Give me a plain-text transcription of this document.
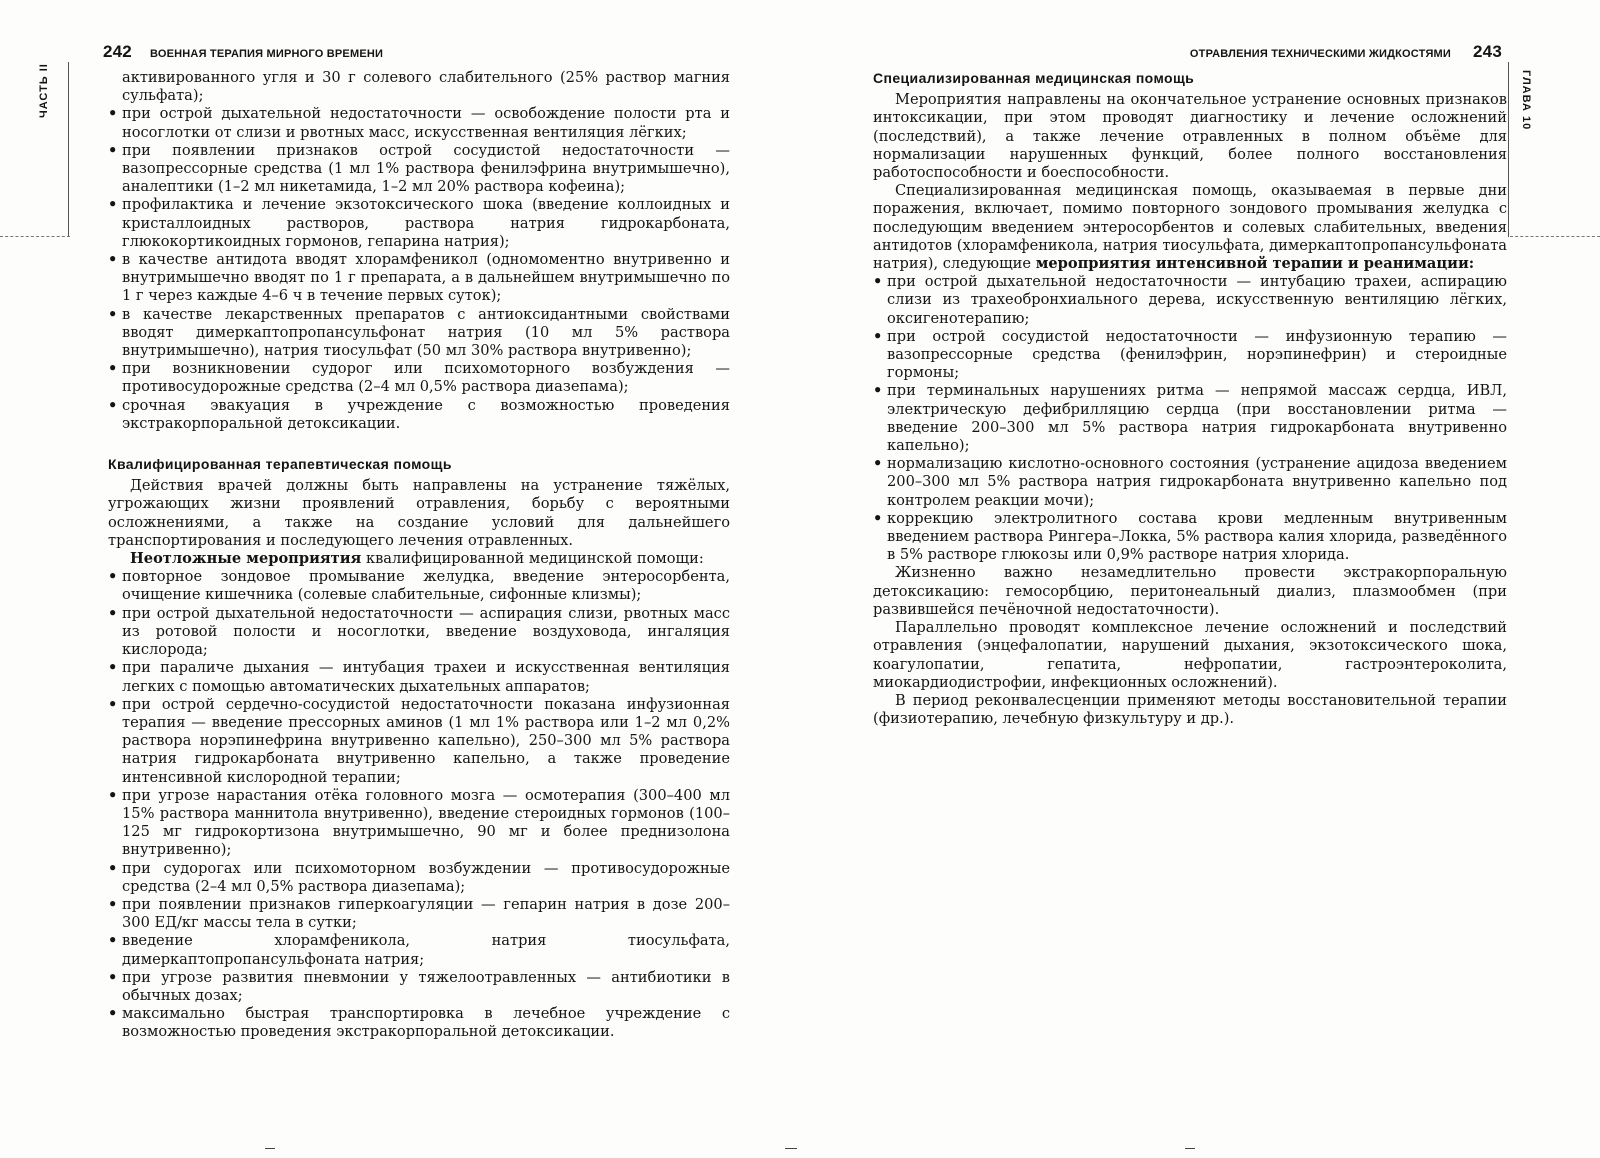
242 ВОЕННАЯ ТЕРАПИЯ МИРНОГО ВРЕМЕНИ
ЧАСТЬ II	активированного угля и 30 г солевого слабительного (25% раствор магния сульфата);

• при острой дыхательной недостаточности — освобождение полости рта и носоглотки от слизи и рвотных масс, искусственная вентиляция лёгких;
• при появлении признаков острой сосудистой недостаточности — вазопрессорные средства (1 мл 1% раствора фенилэфрина внутримышечно), аналептики (1–2 мл никетамида, 1–2 мл 20% раствора кофеина);
• профилактика и лечение экзотоксического шока (введение коллоидных и кристаллоидных растворов, раствора натрия гидрокарбоната, глюкокортикоидных гормонов, гепарина натрия);
• в качестве антидота вводят хлорамфеникол (одномоментно внутривенно и внутримышечно вводят по 1 г препарата, а в дальнейшем внутримышечно по 1 г через каждые 4–6 ч в течение первых суток);
• в качестве лекарственных препаратов с антиоксидантными свойствами вводят димеркаптопропансульфонат натрия (10 мл 5% раствора внутримышечно), натрия тиосульфат (50 мл 30% раствора внутривенно);
• при возникновении судорог или психомоторного возбуждения — противосудорожные средства (2–4 мл 0,5% раствора диазепама);
• срочная эвакуация в учреждение с возможностью проведения экстракорпоральной детоксикации.
Квалифицированная терапевтическая помощь

Действия врачей должны быть направлены на устранение тяжёлых, угрожающих жизни проявлений отравления, борьбу с вероятными осложнениями, а также на создание условий для дальнейшего транспортирования и последующего лечения отравленных.

Неотложные мероприятия квалифицированной медицинской помощи:

• повторное зондовое промывание желудка, введение энтеросорбента, очищение кишечника (солевые слабительные, сифонные клизмы);
• при острой дыхательной недостаточности — аспирация слизи, рвотных масс из ротовой полости и носоглотки, введение воздуховода, ингаляция кислорода;
• при параличе дыхания — интубация трахеи и искусственная вентиляция легких с помощью автоматических дыхательных аппаратов;
• при острой сердечно-сосудистой недостаточности показана инфузионная терапия — введение прессорных аминов (1 мл 1% раствора или 1–2 мл 0,2% раствора норэпинефрина внутривенно капельно), 250–300 мл 5% раствора натрия гидрокарбоната внутривенно капельно, а также проведение интенсивной кислородной терапии;
• при угрозе нарастания отёка головного мозга — осмотерапия (300–400 мл 15% раствора маннитола внутривенно), введение стероидных гормонов (100–125 мг гидрокортизона внутримышечно, 90 мг и более преднизолона внутривенно);
• при судорогах или психомоторном возбуждении — противосудорожные средства (2–4 мл 0,5% раствора диазепама);
• при появлении признаков гиперкоагуляции — гепарин натрия в дозе 200–300 ЕД/кг массы тела в сутки;
• введение хлорамфеникола, натрия тиосульфата, димеркаптопропансульфоната натрия;
• при угрозе развития пневмонии у тяжелоотравленных — антибиотики в обычных дозах;
• максимально быстрая транспортировка в лечебное учреждение с возможностью проведения экстракорпоральной детоксикации.
ОТРАВЛЕНИЯ ТЕХНИЧЕСКИМИ ЖИДКОСТЯМИ 243
Специализированная медицинская помощь

Мероприятия направлены на окончательное устранение основных признаков интоксикации, при этом проводят диагностику и лечение осложнений (последствий), а также лечение отравленных в полном объёме для нормализации нарушенных функций, более полного восстановления работоспособности и боеспособности.

Специализированная медицинская помощь, оказываемая в первые дни поражения, включает, помимо повторного зондового промывания желудка с последующим введением энтеросорбентов и солевых слабительных, введения антидотов (хлорамфеникола, натрия тиосульфата, димеркаптопропансульфоната натрия), следующие мероприятия интенсивной терапии и реанимации:

• при острой дыхательной недостаточности — интубацию трахеи, аспирацию слизи из трахеобронхиального дерева, искусственную вентиляцию лёгких, оксигенотерапию;
• при острой сосудистой недостаточности — инфузионную терапию — вазопрессорные средства (фенилэфрин, норэпинефрин) и стероидные гормоны;
• при терминальных нарушениях ритма — непрямой массаж сердца, ИВЛ, электрическую дефибрилляцию сердца (при восстановлении ритма — введение 200–300 мл 5% раствора натрия гидрокарбоната внутривенно капельно);
• нормализацию кислотно-основного состояния (устранение ацидоза введением 200–300 мл 5% раствора натрия гидрокарбоната внутривенно капельно под контролем реакции мочи);
• коррекцию электролитного состава крови медленным внутривенным введением раствора Рингера–Локка, 5% раствора калия хлорида, разведённого в 5% растворе глюкозы или 0,9% растворе натрия хлорида.

Жизненно важно незамедлительно провести экстракорпоральную детоксикацию: гемосорбцию, перитонеальный диализ, плазмообмен (при развившейся печёночной недостаточности).

Параллельно проводят комплексное лечение осложнений и последствий отравления (энцефалопатии, нарушений дыхания, экзотоксического шока, коагулопатии, гепатита, нефропатии, гастроэнтероколита, миокардиодистрофии, инфекционных осложнений).

В период реконвалесценции применяют методы восстановительной терапии (физиотерапию, лечебную физкультуру и др.).

ГЛАВА 10
